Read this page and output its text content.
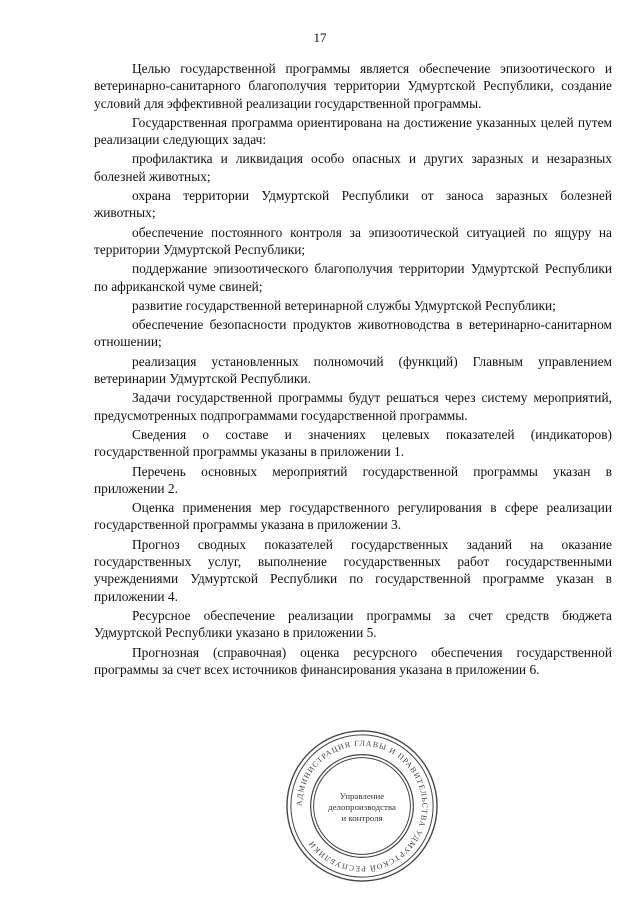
17

Целью государственной программы является обеспечение эпизоотического и ветеринарно-санитарного благополучия территории Удмуртской Республики, создание условий для эффективной реализации государственной программы.

Государственная программа ориентирована на достижение указанных целей путем реализации следующих задач:

профилактика и ликвидация особо опасных и других заразных и незаразных болезней животных;

охрана территории Удмуртской Республики от заноса заразных болезней животных;

обеспечение постоянного контроля за эпизоотической ситуацией по ящуру на территории Удмуртской Республики;

поддержание эпизоотического благополучия территории Удмуртской Республики по африканской чуме свиней;

развитие государственной ветеринарной службы Удмуртской Республики;

обеспечение безопасности продуктов животноводства в ветеринарно-санитарном отношении;

реализация установленных полномочий (функций) Главным управлением ветеринарии Удмуртской Республики.

Задачи государственной программы будут решаться через систему мероприятий, предусмотренных подпрограммами государственной программы.

Сведения о составе и значениях целевых показателей (индикаторов) государственной программы указаны в приложении 1.

Перечень основных мероприятий государственной программы указан в приложении 2.

Оценка применения мер государственного регулирования в сфере реализации государственной программы указана в приложении 3.

Прогноз сводных показателей государственных заданий на оказание государственных услуг, выполнение государственных работ государственными учреждениями Удмуртской Республики по государственной программе указан в приложении 4.

Ресурсное обеспечение реализации программы за счет средств бюджета Удмуртской Республики указано в приложении 5.

Прогнозная (справочная) оценка ресурсного обеспечения государственной программы за счет всех источников финансирования указана в приложении 6.

АДМИНИСТРАЦИЯ ГЛАВЫ И ПРАВИТЕЛЬСТВА УДМУРТСКОЙ РЕСПУБЛИКИ
Управление
делопроизводства
и контроля
